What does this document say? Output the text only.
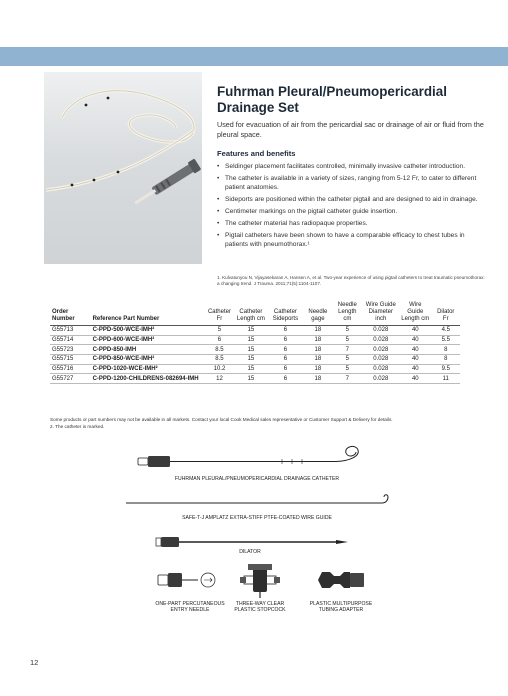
Fuhrman Pleural/Pneumopericardial Drainage Set
Used for evacuation of air from the pericardial sac or drainage of air or fluid from the pleural space.
Features and benefits
• Seldinger placement facilitates controlled, minimally invasive catheter introduction.
• The catheter is available in a variety of sizes, ranging from 5-12 Fr, to cater to different patient anatomies.
• Sideports are positioned within the catheter pigtail and are designed to aid in drainage.
• Centimeter markings on the pigtail catheter guide insertion.
• The catheter material has radiopaque properties.
• Pigtail catheters have been shown to have a comparable efficacy to chest tubes in patients with pneumothorax.¹
1. Kulvatunyou N, Vijayasekaran A, Hansen A, et al. Two-year experience of using pigtail catheters to treat traumatic pneumothorax: a changing trend. J Trauma. 2011;71(5):1104-1107.
Order Number	Reference Part Number	Catheter Fr	Catheter Length cm	Catheter Sideports	Needle gage	Needle Length cm	Wire Guide Diameter inch	Wire Guide Length cm	Dilator Fr
G55713	C-PPD-500-WCE-IMH²	5	15	6	18	5	0.028	40	4.5
G55714	C-PPD-600-WCE-IMH²	6	15	6	18	5	0.028	40	5.5
G55723	C-PPD-850-IMH	8.5	15	6	18	7	0.028	40	8
G55715	C-PPD-850-WCE-IMH²	8.5	15	6	18	5	0.028	40	8
G55716	C-PPD-1020-WCE-IMH²	10.2	15	6	18	5	0.028	40	9.5
G55727	C-PPD-1200-CHILDRENS-082694-IMH	12	15	6	18	7	0.028	40	11
Some products or part numbers may not be available in all markets. Contact your local Cook Medical sales representative or Customer Support & Delivery for details.
2. The catheter is marked.
FUHRMAN PLEURAL/PNEUMOPERICARDIAL DRAINAGE CATHETER
SAFE-T-J AMPLATZ EXTRA-STIFF PTFE-COATED WIRE GUIDE
DILATOR
ONE-PART PERCUTANEOUS
ENTRY NEEDLE
THREE-WAY CLEAR
PLASTIC STOPCOCK
PLASTIC MULTIPURPOSE
TUBING ADAPTER
12
